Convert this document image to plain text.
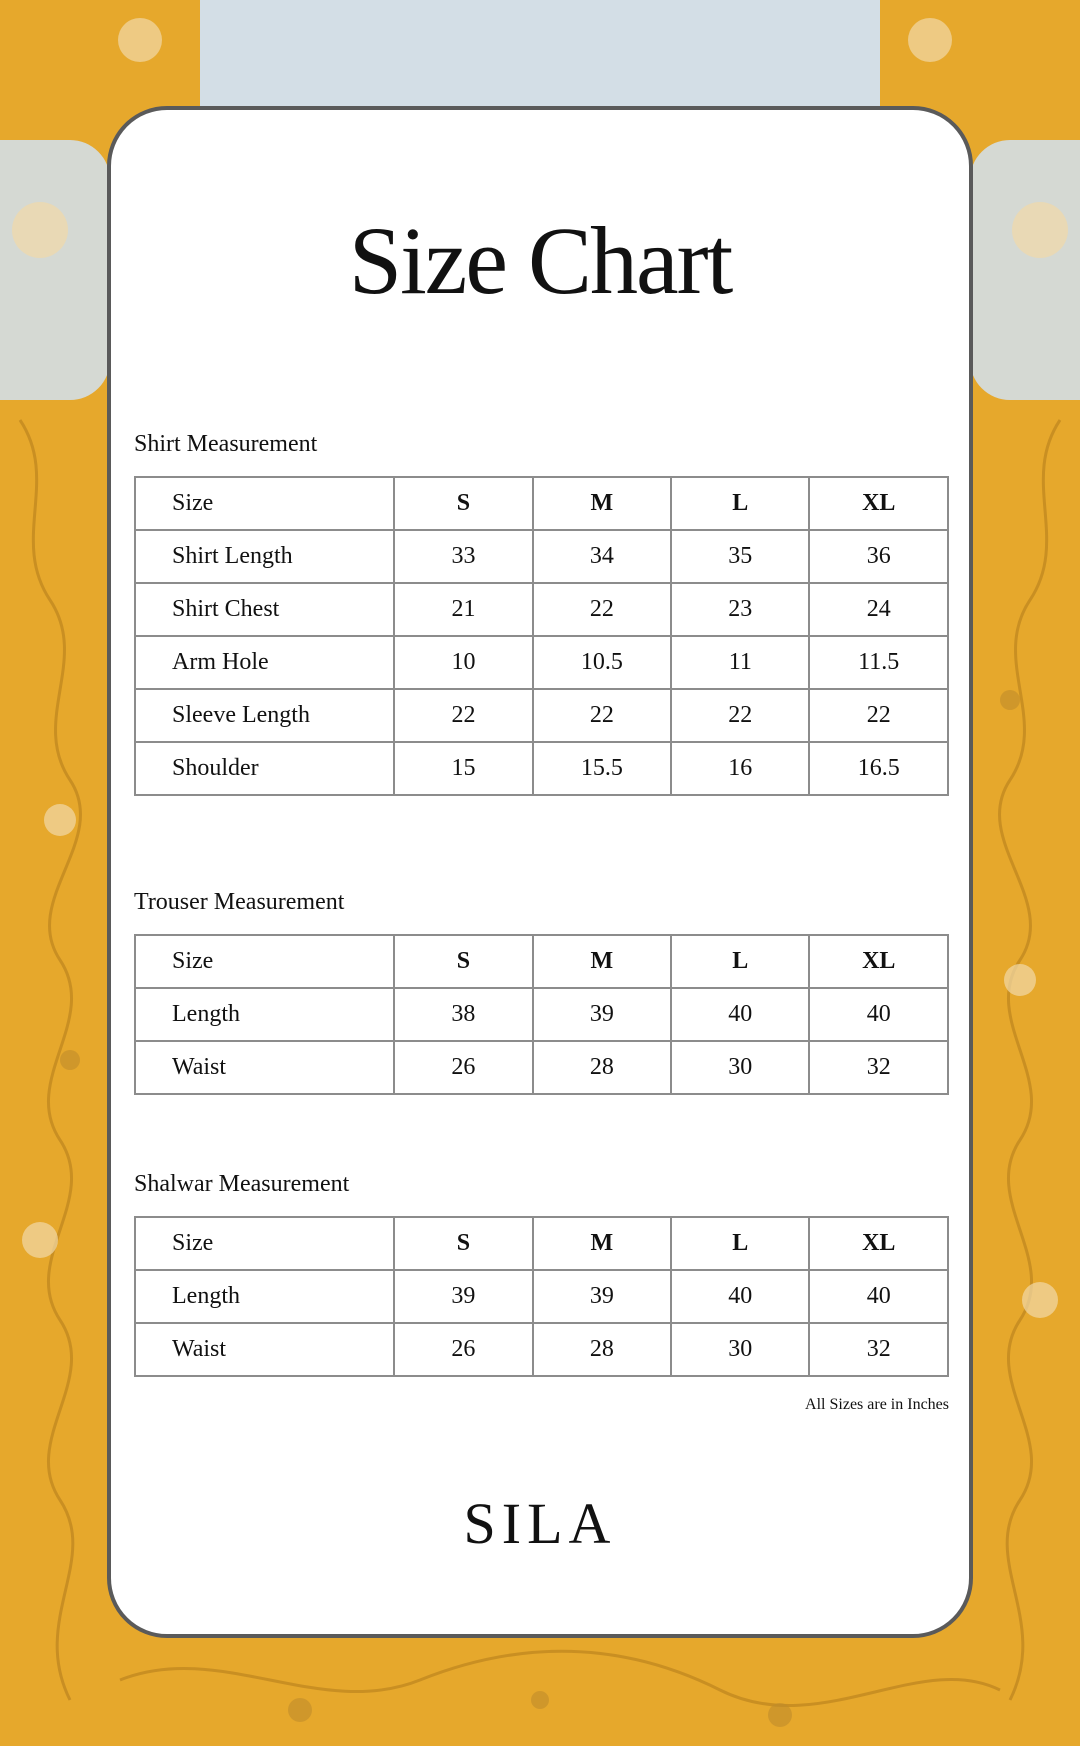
Size Chart
Shirt Measurement
Size	S	M	L	XL
Shirt Length	33	34	35	36
Shirt Chest	21	22	23	24
Arm Hole	10	10.5	11	11.5
Sleeve Length	22	22	22	22
Shoulder	15	15.5	16	16.5
Trouser Measurement
Size	S	M	L	XL
Length	38	39	40	40
Waist	26	28	30	32
Shalwar Measurement
Size	S	M	L	XL
Length	39	39	40	40
Waist	26	28	30	32
All Sizes are in Inches
SILA
